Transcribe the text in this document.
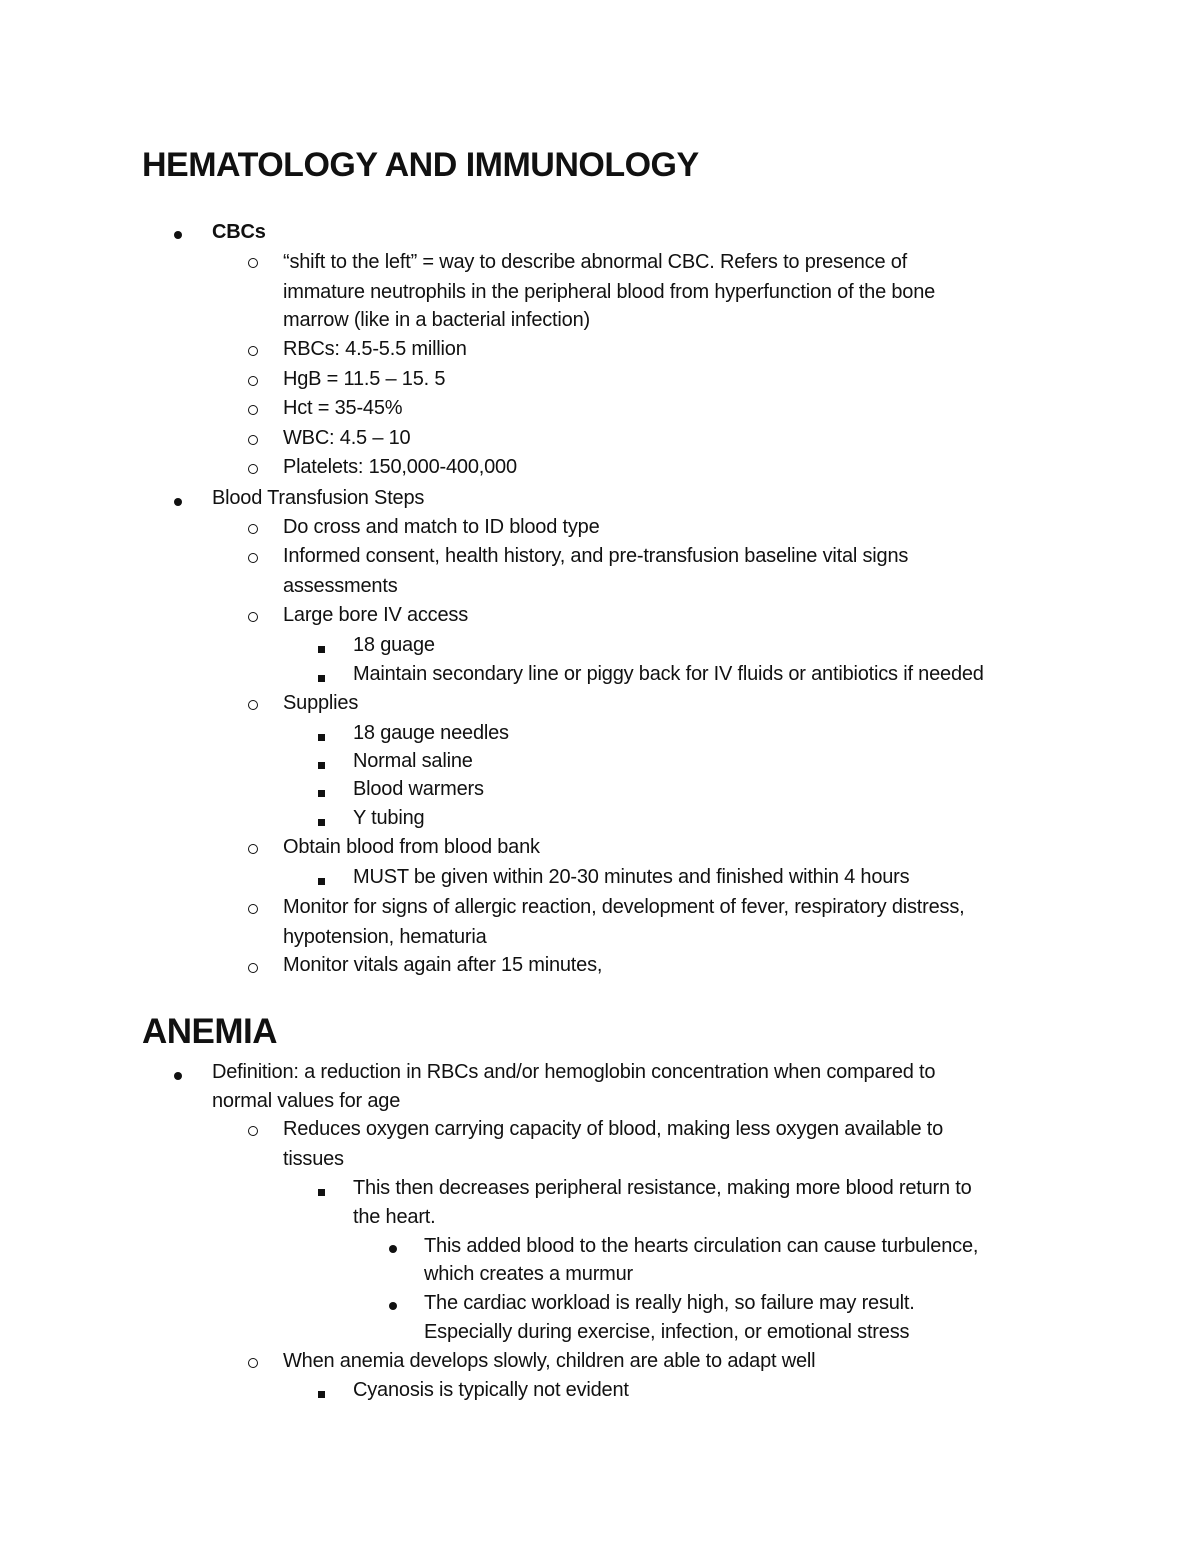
HEMATOLOGY AND IMMUNOLOGY
CBCs
“shift to the left” = way to describe abnormal CBC. Refers to presence of
immature neutrophils in the peripheral blood from hyperfunction of the bone
marrow (like in a bacterial infection)
RBCs: 4.5-5.5 million
HgB = 11.5 – 15. 5
Hct = 35-45%
WBC: 4.5 – 10
Platelets: 150,000-400,000
Blood Transfusion Steps
Do cross and match to ID blood type
Informed consent, health history, and pre-transfusion baseline vital signs
assessments
Large bore IV access
18 guage
Maintain secondary line or piggy back for IV fluids or antibiotics if needed
Supplies
18 gauge needles
Normal saline
Blood warmers
Y tubing
Obtain blood from blood bank
MUST be given within 20-30 minutes and finished within 4 hours
Monitor for signs of allergic reaction, development of fever, respiratory distress,
hypotension, hematuria
Monitor vitals again after 15 minutes,
ANEMIA
Definition: a reduction in RBCs and/or hemoglobin concentration when compared to
normal values for age
Reduces oxygen carrying capacity of blood, making less oxygen available to
tissues
This then decreases peripheral resistance, making more blood return to
the heart.
This added blood to the hearts circulation can cause turbulence,
which creates a murmur
The cardiac workload is really high, so failure may result.
Especially during exercise, infection, or emotional stress
When anemia develops slowly, children are able to adapt well
Cyanosis is typically not evident
